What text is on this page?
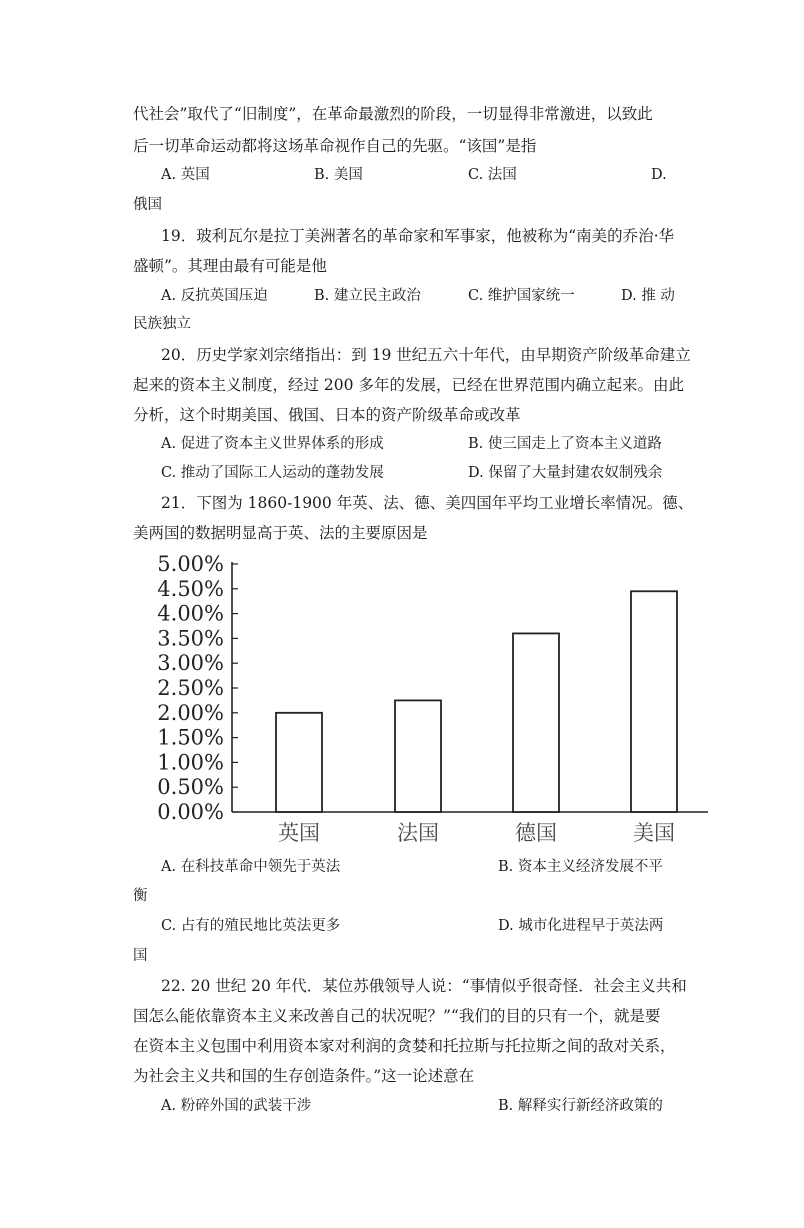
代社会”取代了“旧制度”，在革命最激烈的阶段，一切显得非常激进，以致此
后一切革命运动都将这场革命视作自己的先驱。“该国”是指
A. 英国	B. 美国	C. 法国	D.
俄国
19．玻利瓦尔是拉丁美洲著名的革命家和军事家，他被称为“南美的乔治·华
盛顿”。其理由最有可能是他
A. 反抗英国压迫	B. 建立民主政治	C. 维护国家统一	D. 推 动
民族独立
20．历史学家刘宗绪指出：到 19 世纪五六十年代，由早期资产阶级革命建立
起来的资本主义制度，经过 200 多年的发展，已经在世界范围内确立起来。由此
分析，这个时期美国、俄国、日本的资产阶级革命或改革
A. 促进了资本主义世界体系的形成	B. 使三国走上了资本主义道路
C. 推动了国际工人运动的蓬勃发展	D. 保留了大量封建农奴制残余
21．下图为 1860-1900 年英、法、德、美四国年平均工业增长率情况。德、
美两国的数据明显高于英、法的主要原因是
0.00%
0.50%
1.00%
1.50%
2.00%
2.50%
3.00%
3.50%
4.00%
4.50%
5.00%
英国	法国	德国	美国
A. 在科技革命中领先于英法	B. 资本主义经济发展不平
衡
C. 占有的殖民地比英法更多	D. 城市化进程早于英法两
国
22. 20 世纪 20 年代．某位苏俄领导人说：“事情似乎很奇怪．社会主义共和
国怎么能依靠资本主义来改善自己的状况呢？”“我们的目的只有一个，就是要
在资本主义包围中利用资本家对利润的贪婪和托拉斯与托拉斯之间的敌对关系，
为社会主义共和国的生存创造条件。”这一论述意在
A. 粉碎外国的武装干涉	B. 解释实行新经济政策的
